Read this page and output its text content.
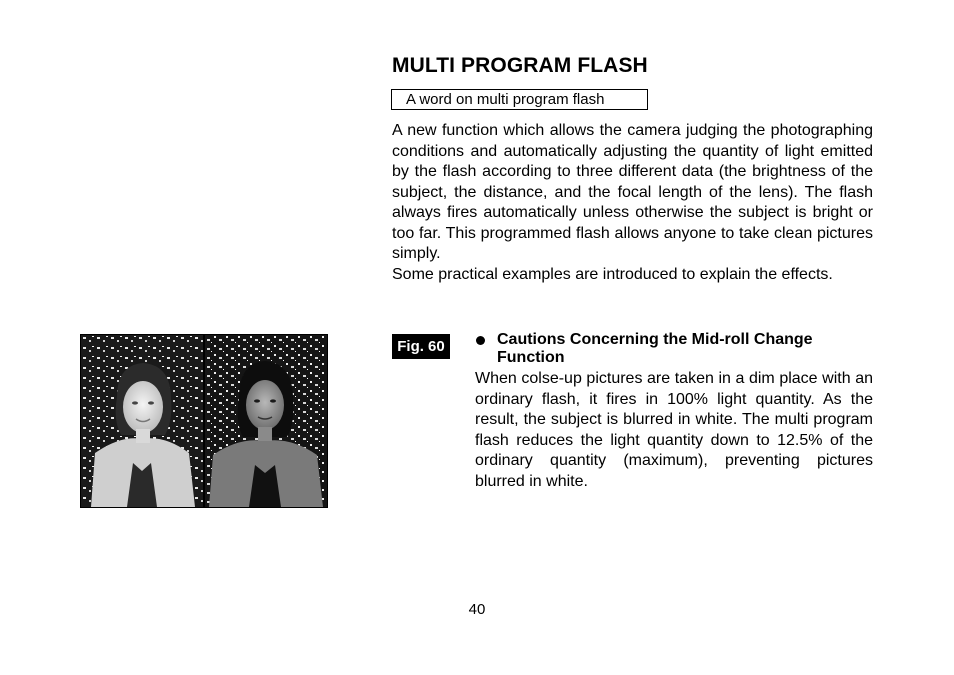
MULTI PROGRAM FLASH
A word on multi program flash

A new function which allows the camera judging the photographing conditions and automatically adjusting the quantity of light emitted by the flash according to three different data (the brightness of the subject, the distance, and the focal length of the lens). The flash always fires automatically unless otherwise the subject is bright or too far. This programmed flash allows anyone to take clean pictures simply.

Some practical examples are introduced to explain the effects.

Fig. 60	Cautions Concerning the Mid-roll Change Function

When colse-up pictures are taken in a dim place with an ordinary flash, it fires in 100% light quantity. As the result, the subject is blurred in white. The multi program flash reduces the light quantity down to 12.5% of the ordinary quantity (maximum), preventing pictures blurred in white.

40
